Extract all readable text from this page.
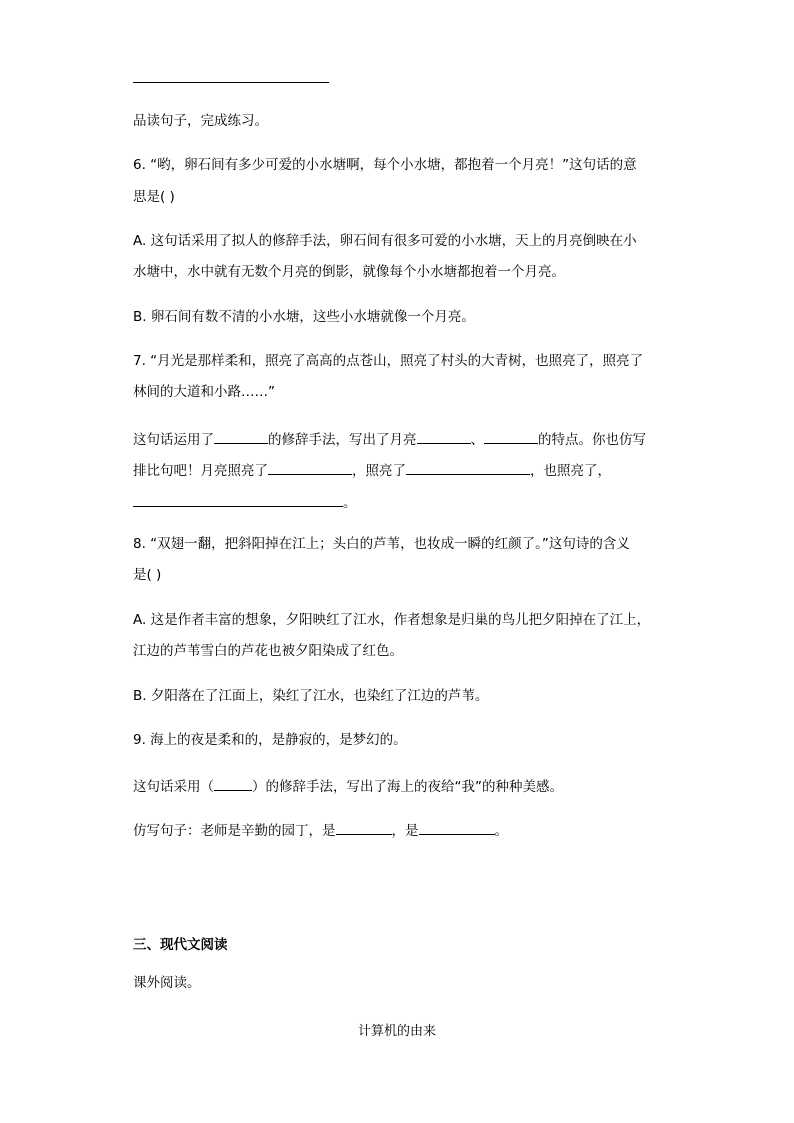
品读句子，完成练习。
6. “哟，卵石间有多少可爱的小水塘啊，每个小水塘，都抱着一个月亮！”这句话的意
思是( )
A. 这句话采用了拟人的修辞手法，卵石间有很多可爱的小水塘，天上的月亮倒映在小
水塘中，水中就有无数个月亮的倒影，就像每个小水塘都抱着一个月亮。
B. 卵石间有数不清的小水塘，这些小水塘就像一个月亮。
7. “月光是那样柔和，照亮了高高的点苍山，照亮了村头的大青树，也照亮了，照亮了
林间的大道和小路……”
这句话运用了	的修辞手法，写出了月亮	、	的特点。你也仿写
排比句吧！月亮照亮了	，照亮了	，也照亮了，
。
8. “双翅一翻，把斜阳掉在江上；头白的芦苇，也妆成一瞬的红颜了。”这句诗的含义
是( )
A. 这是作者丰富的想象，夕阳映红了江水，作者想象是归巢的鸟儿把夕阳掉在了江上，
江边的芦苇雪白的芦花也被夕阳染成了红色。
B. 夕阳落在了江面上，染红了江水，也染红了江边的芦苇。
9. 海上的夜是柔和的，是静寂的，是梦幻的。
这句话采用（	）的修辞手法，写出了海上的夜给“我”的种种美感。
仿写句子：老师是辛勤的园丁，是	，是	。
三、现代文阅读
课外阅读。
计算机的由来
